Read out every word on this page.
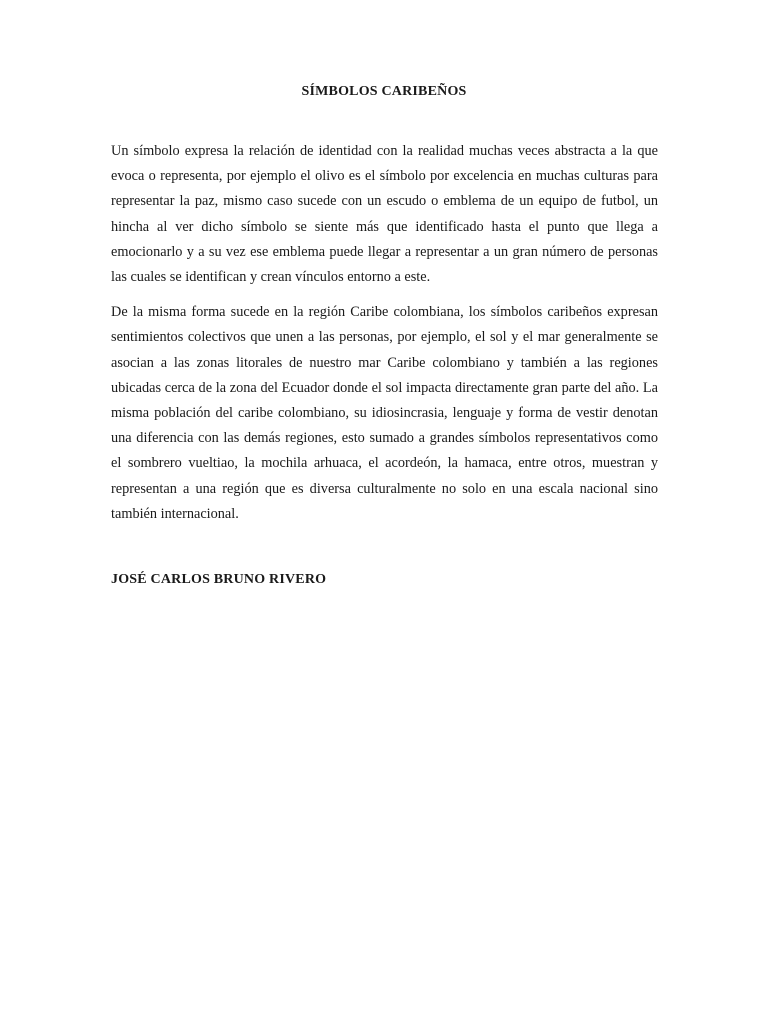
SÍMBOLOS CARIBEÑOS

Un símbolo expresa la relación de identidad con la realidad muchas veces abstracta a la que evoca o representa, por ejemplo el olivo es el símbolo por excelencia en muchas culturas para representar la paz, mismo caso sucede con un escudo o emblema de un equipo de futbol, un hincha al ver dicho símbolo se siente más que identificado hasta el punto que llega a emocionarlo y a su vez ese emblema puede llegar a representar a un gran número de personas las cuales se identifican y crean vínculos entorno a este.

De la misma forma sucede en la región Caribe colombiana, los símbolos caribeños expresan sentimientos colectivos que unen a las personas, por ejemplo, el sol y el mar generalmente se asocian a las zonas litorales de nuestro mar Caribe colombiano y también a las regiones ubicadas cerca de la zona del Ecuador donde el sol impacta directamente gran parte del año. La misma población del caribe colombiano, su idiosincrasia, lenguaje y forma de vestir denotan una diferencia con las demás regiones, esto sumado a grandes símbolos representativos como el sombrero vueltiao, la mochila arhuaca, el acordeón, la hamaca, entre otros, muestran y representan a una región que es diversa culturalmente no solo en una escala nacional sino también internacional.

JOSÉ CARLOS BRUNO RIVERO
